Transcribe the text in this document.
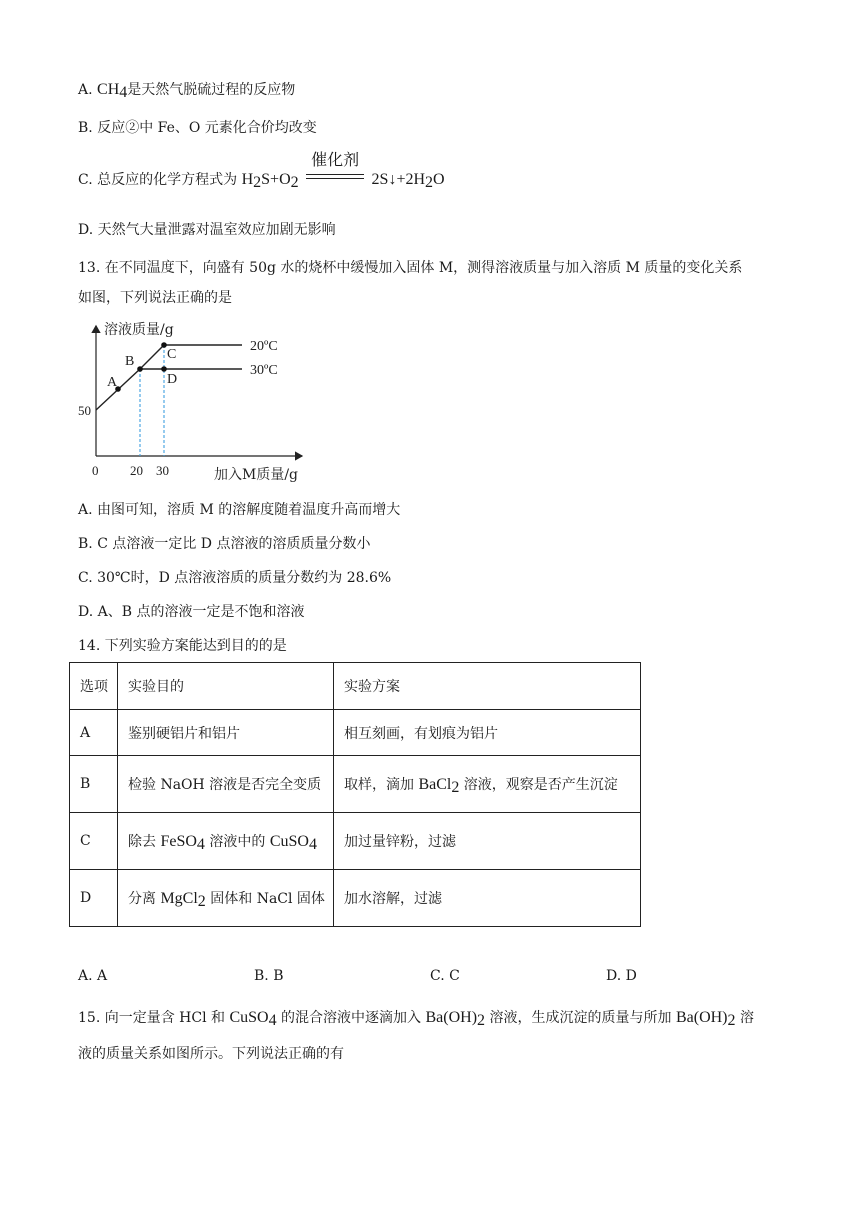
A. $CH_4$是天然气脱硫过程的反应物
B. 反应②中 Fe、O 元素化合价均改变
C. 总反应的化学方程式为 $H_2S+O_2$
催化剂
$2S↓+2H_2O$
D. 天然气大量泄露对温室效应加剧无影响
13. 在不同温度下，向盛有 50g 水的烧杯中缓慢加入固体 M，测得溶液质量与加入溶质 M 质量的变化关系
如图，下列说法正确的是
溶液质量/g
加入M质量/g
0
50
20 30
A
B C
D
20ºC
30ºC
A. 由图可知，溶质 M 的溶解度随着温度升高而增大
B. C 点溶液一定比 D 点溶液的溶质质量分数小
C. 30℃时，D 点溶液溶质的质量分数约为 28.6%
D. A、B 点的溶液一定是不饱和溶液
14. 下列实验方案能达到目的的是
选项	实验目的	实验方案
A	鉴别硬铝片和铝片	相互刻画，有划痕为铝片
B	检验 NaOH 溶液是否完全变质	取样，滴加 BaCl$_2$ 溶液，观察是否产生沉淀
C	除去 FeSO$_4$ 溶液中的 CuSO$_4$	加过量锌粉，过滤
D	分离 MgCl$_2$ 固体和 NaCl 固体	加水溶解，过滤
A. A	B. B	C. C	D. D
15. 向一定量含 HCl 和 CuSO$_4$ 的混合溶液中逐滴加入 $Ba(OH)_2$ 溶液，生成沉淀的质量与所加 $Ba(OH)_2$ 溶
液的质量关系如图所示。下列说法正确的有
